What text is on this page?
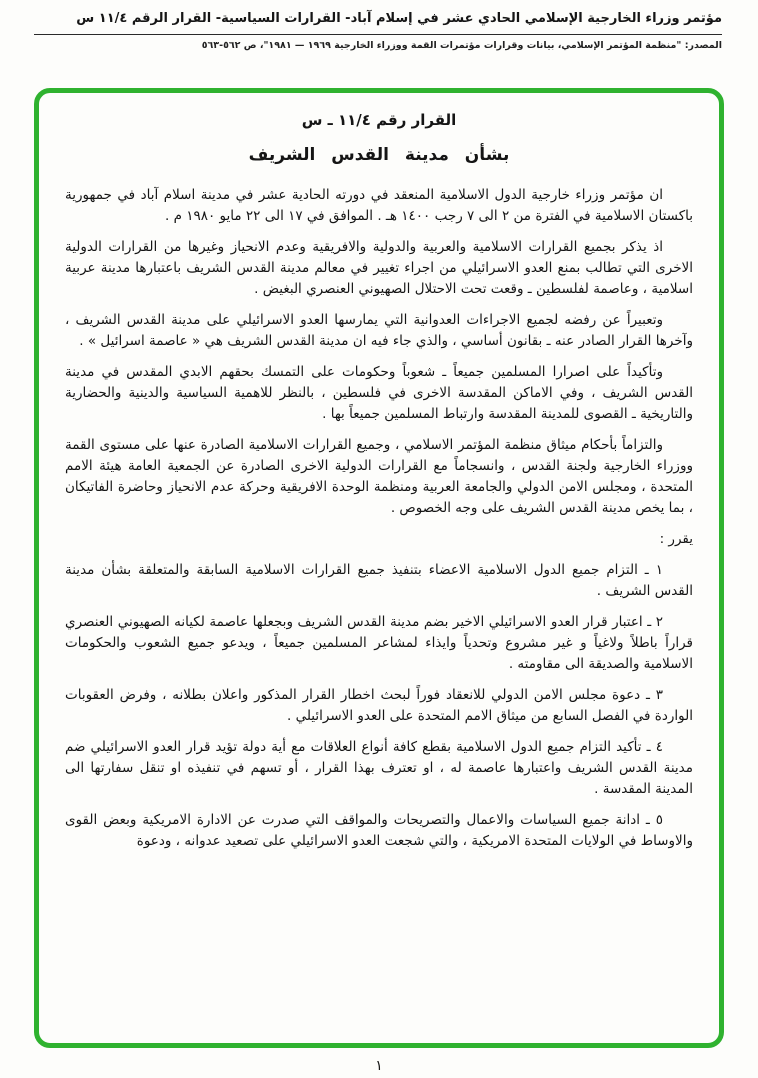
مؤتمر وزراء الخارجية الإسلامي الحادي عشر في إسلام آباد- القرارات السياسية- القرار الرقم ١١/٤ س
المصدر: "منظمة المؤتمر الإسلامي، بيانات وقرارات مؤتمرات القمة ووزراء الخارجية ١٩٦٩ — ١٩٨١"، ص ٥٦٢-٥٦٣
القرار رقم ١١/٤ ـ س
بشأن مدينة القدس الشريف

ان مؤتمر وزراء خارجية الدول الاسلامية المنعقد في دورته الحادية عشر في مدينة اسلام آباد في جمهورية باكستان الاسلامية في الفترة من ٢ الى ٧ رجب ١٤٠٠ هـ . الموافق في ١٧ الى ٢٢ مايو ١٩٨٠ م .

اذ يذكر بجميع القرارات الاسلامية والعربية والدولية والافريقية وعدم الانحياز وغيرها من القرارات الدولية الاخرى التي تطالب بمنع العدو الاسرائيلي من اجراء تغيير في معالم مدينة القدس الشريف باعتبارها مدينة عربية اسلامية ، وعاصمة لفلسطين ـ وقعت تحت الاحتلال الصهيوني العنصري البغيض .

وتعبيراً عن رفضه لجميع الاجراءات العدوانية التي يمارسها العدو الاسرائيلي على مدينة القدس الشريف ، وآخرها القرار الصادر عنه ـ بقانون أساسي ، والذي جاء فيه ان مدينة القدس الشريف هي « عاصمة اسرائيل » .

وتأكيداً على اصرارا المسلمين جميعاً ـ شعوباً وحكومات على التمسك بحقهم الابدي المقدس في مدينة القدس الشريف ، وفي الاماكن المقدسة الاخرى في فلسطين ، بالنظر للاهمية السياسية والدينية والحضارية والتاريخية ـ القصوى للمدينة المقدسة وارتباط المسلمين جميعاً بها .

والتزاماً بأحكام ميثاق منظمة المؤتمر الاسلامي ، وجميع القرارات الاسلامية الصادرة عنها على مستوى القمة ووزراء الخارجية ولجنة القدس ، وانسجاماً مع القرارات الدولية الاخرى الصادرة عن الجمعية العامة هيئة الامم المتحدة ، ومجلس الامن الدولي والجامعة العربية ومنظمة الوحدة الافريقية وحركة عدم الانحياز وحاضرة الفاتيكان ، بما يخص مدينة القدس الشريف على وجه الخصوص .

يقرر :

١ ـ التزام جميع الدول الاسلامية الاعضاء بتنفيذ جميع القرارات الاسلامية السابقة والمتعلقة بشأن مدينة القدس الشريف .

٢ ـ اعتبار قرار العدو الاسرائيلي الاخير بضم مدينة القدس الشريف وبجعلها عاصمة لكيانه الصهيوني العنصري قراراً باطلاً ولاغياً و غير مشروع وتحدياً وايذاء لمشاعر المسلمين جميعاً ، ويدعو جميع الشعوب والحكومات الاسلامية والصديقة الى مقاومته .

٣ ـ دعوة مجلس الامن الدولي للانعقاد فوراً لبحث اخطار القرار المذكور واعلان بطلانه ، وفرض العقوبات الواردة في الفصل السابع من ميثاق الامم المتحدة على العدو الاسرائيلي .

٤ ـ تأكيد التزام جميع الدول الاسلامية بقطع كافة أنواع العلاقات مع أية دولة تؤيد قرار العدو الاسرائيلي ضم مدينة القدس الشريف واعتبارها عاصمة له ، او تعترف بهذا القرار ، أو تسهم في تنفيذه او تنقل سفارتها الى المدينة المقدسة .

٥ ـ ادانة جميع السياسات والاعمال والتصريحات والمواقف التي صدرت عن الادارة الامريكية وبعض القوى والاوساط في الولايات المتحدة الامريكية ، والتي شجعت العدو الاسرائيلي على تصعيد عدوانه ، ودعوة

١
